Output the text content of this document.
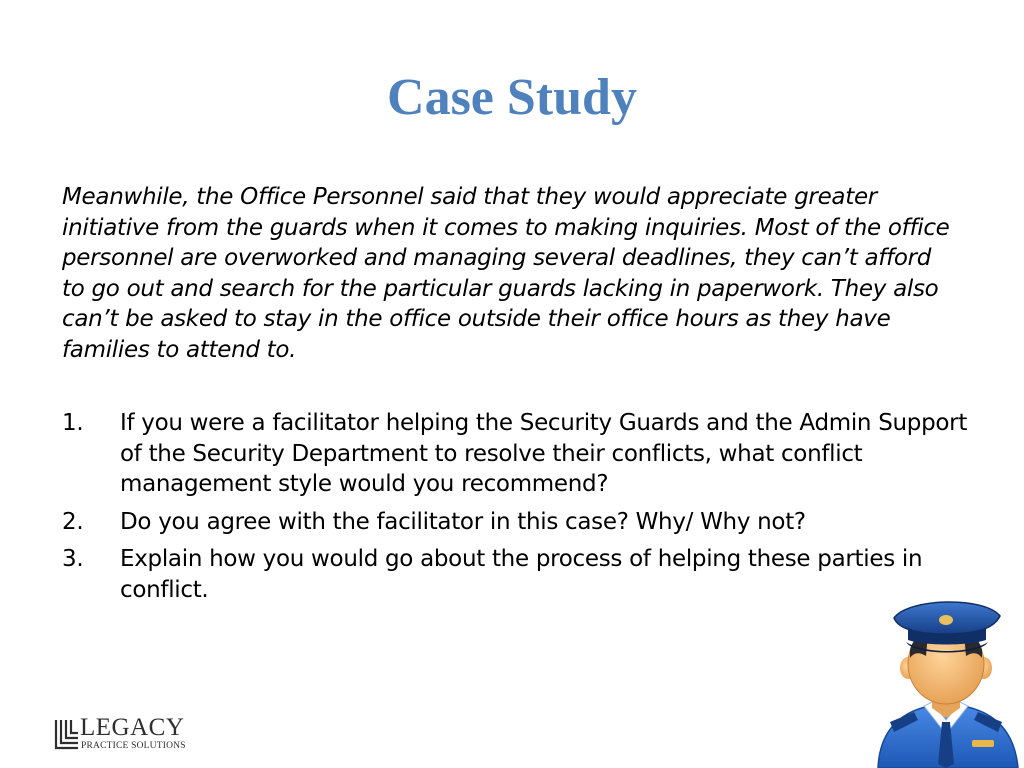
Case Study

Meanwhile, the Office Personnel said that they would appreciate greater initiative from the guards when it comes to making inquiries. Most of the office personnel are overworked and managing several deadlines, they can’t afford to go out and search for the particular guards lacking in paperwork. They also can’t be asked to stay in the office outside their office hours as they have families to attend to.

1. If you were a facilitator helping the Security Guards and the Admin Support of the Security Department to resolve their conflicts, what conflict management style would you recommend?
2. Do you agree with the facilitator in this case? Why/ Why not?
3. Explain how you would go about the process of helping these parties in conflict.
LEGACY
PRACTICE SOLUTIONS
